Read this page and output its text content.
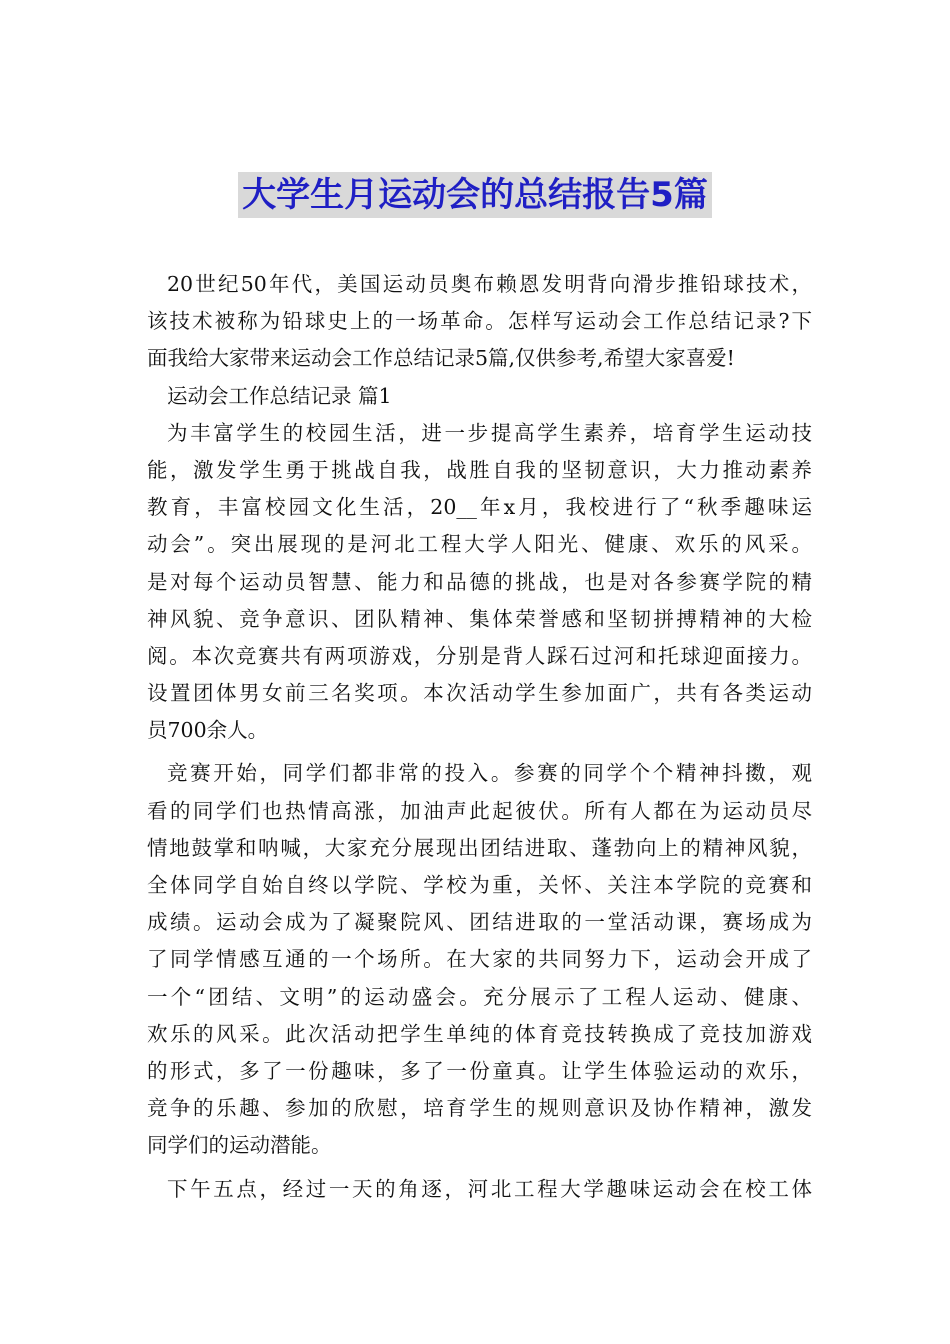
大学生月运动会的总结报告5篇
20世纪50年代，美国运动员奥布赖恩发明背向滑步推铅球技术，
该技术被称为铅球史上的一场革命。怎样写运动会工作总结记录?下
面我给大家带来运动会工作总结记录5篇,仅供参考,希望大家喜爱!
运动会工作总结记录 篇1
为丰富学生的校园生活，进一步提高学生素养，培育学生运动技
能，激发学生勇于挑战自我，战胜自我的坚韧意识，大力推动素养
教育，丰富校园文化生活，20__年x月，我校进行了“秋季趣味运
动会”。突出展现的是河北工程大学人阳光、健康、欢乐的风采。
是对每个运动员智慧、能力和品德的挑战，也是对各参赛学院的精
神风貌、竞争意识、团队精神、集体荣誉感和坚韧拼搏精神的大检
阅。本次竞赛共有两项游戏，分别是背人踩石过河和托球迎面接力。
设置团体男女前三名奖项。本次活动学生参加面广，共有各类运动
员700余人。
竞赛开始，同学们都非常的投入。参赛的同学个个精神抖擞，观
看的同学们也热情高涨，加油声此起彼伏。所有人都在为运动员尽
情地鼓掌和呐喊，大家充分展现出团结进取、蓬勃向上的精神风貌，
全体同学自始自终以学院、学校为重，关怀、关注本学院的竞赛和
成绩。运动会成为了凝聚院风、团结进取的一堂活动课，赛场成为
了同学情感互通的一个场所。在大家的共同努力下，运动会开成了
一个“团结、文明”的运动盛会。充分展示了工程人运动、健康、
欢乐的风采。此次活动把学生单纯的体育竞技转换成了竞技加游戏
的形式，多了一份趣味，多了一份童真。让学生体验运动的欢乐，
竞争的乐趣、参加的欣慰，培育学生的规则意识及协作精神，激发
同学们的运动潜能。
下午五点，经过一天的角逐，河北工程大学趣味运动会在校工体
